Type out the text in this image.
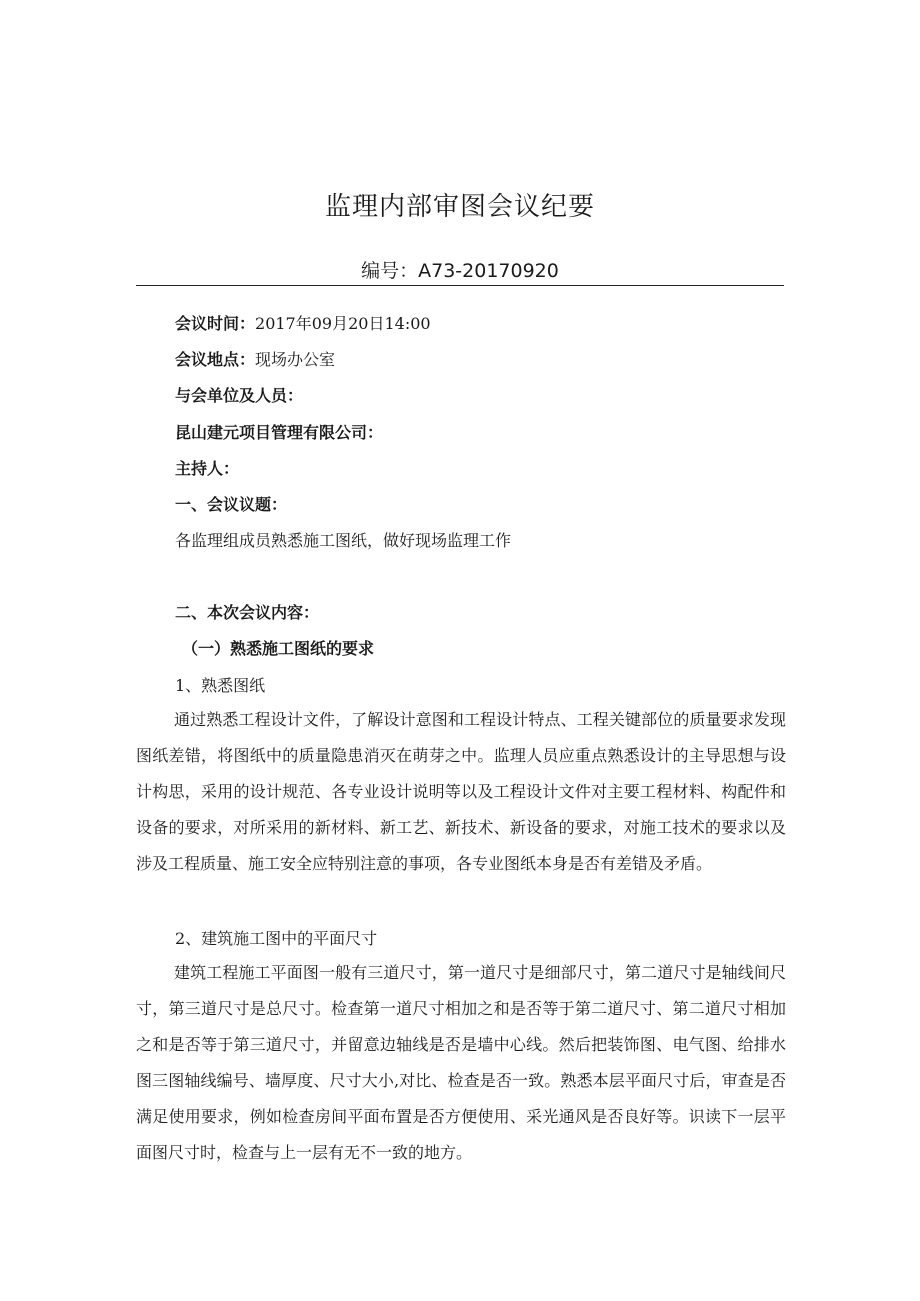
监理内部审图会议纪要
编号：A73-20170920
会议时间：2017年09月20日14:00
会议地点：现场办公室
与会单位及人员：
昆山建元项目管理有限公司：
主持人：
一、会议议题：
各监理组成员熟悉施工图纸，做好现场监理工作
二、本次会议内容：
（一）熟悉施工图纸的要求
1、熟悉图纸
通过熟悉工程设计文件，了解设计意图和工程设计特点、工程关键部位的质量要求发现图纸差错，将图纸中的质量隐患消灭在萌芽之中。监理人员应重点熟悉设计的主导思想与设计构思，采用的设计规范、各专业设计说明等以及工程设计文件对主要工程材料、构配件和设备的要求，对所采用的新材料、新工艺、新技术、新设备的要求，对施工技术的要求以及涉及工程质量、施工安全应特别注意的事项，各专业图纸本身是否有差错及矛盾。
2、建筑施工图中的平面尺寸
建筑工程施工平面图一般有三道尺寸，第一道尺寸是细部尺寸，第二道尺寸是轴线间尺寸，第三道尺寸是总尺寸。检查第一道尺寸相加之和是否等于第二道尺寸、第二道尺寸相加之和是否等于第三道尺寸，并留意边轴线是否是墙中心线。然后把装饰图、电气图、给排水图三图轴线编号、墙厚度、尺寸大小,对比、检查是否一致。熟悉本层平面尺寸后，审查是否满足使用要求，例如检查房间平面布置是否方便使用、采光通风是否良好等。识读下一层平面图尺寸时，检查与上一层有无不一致的地方。
